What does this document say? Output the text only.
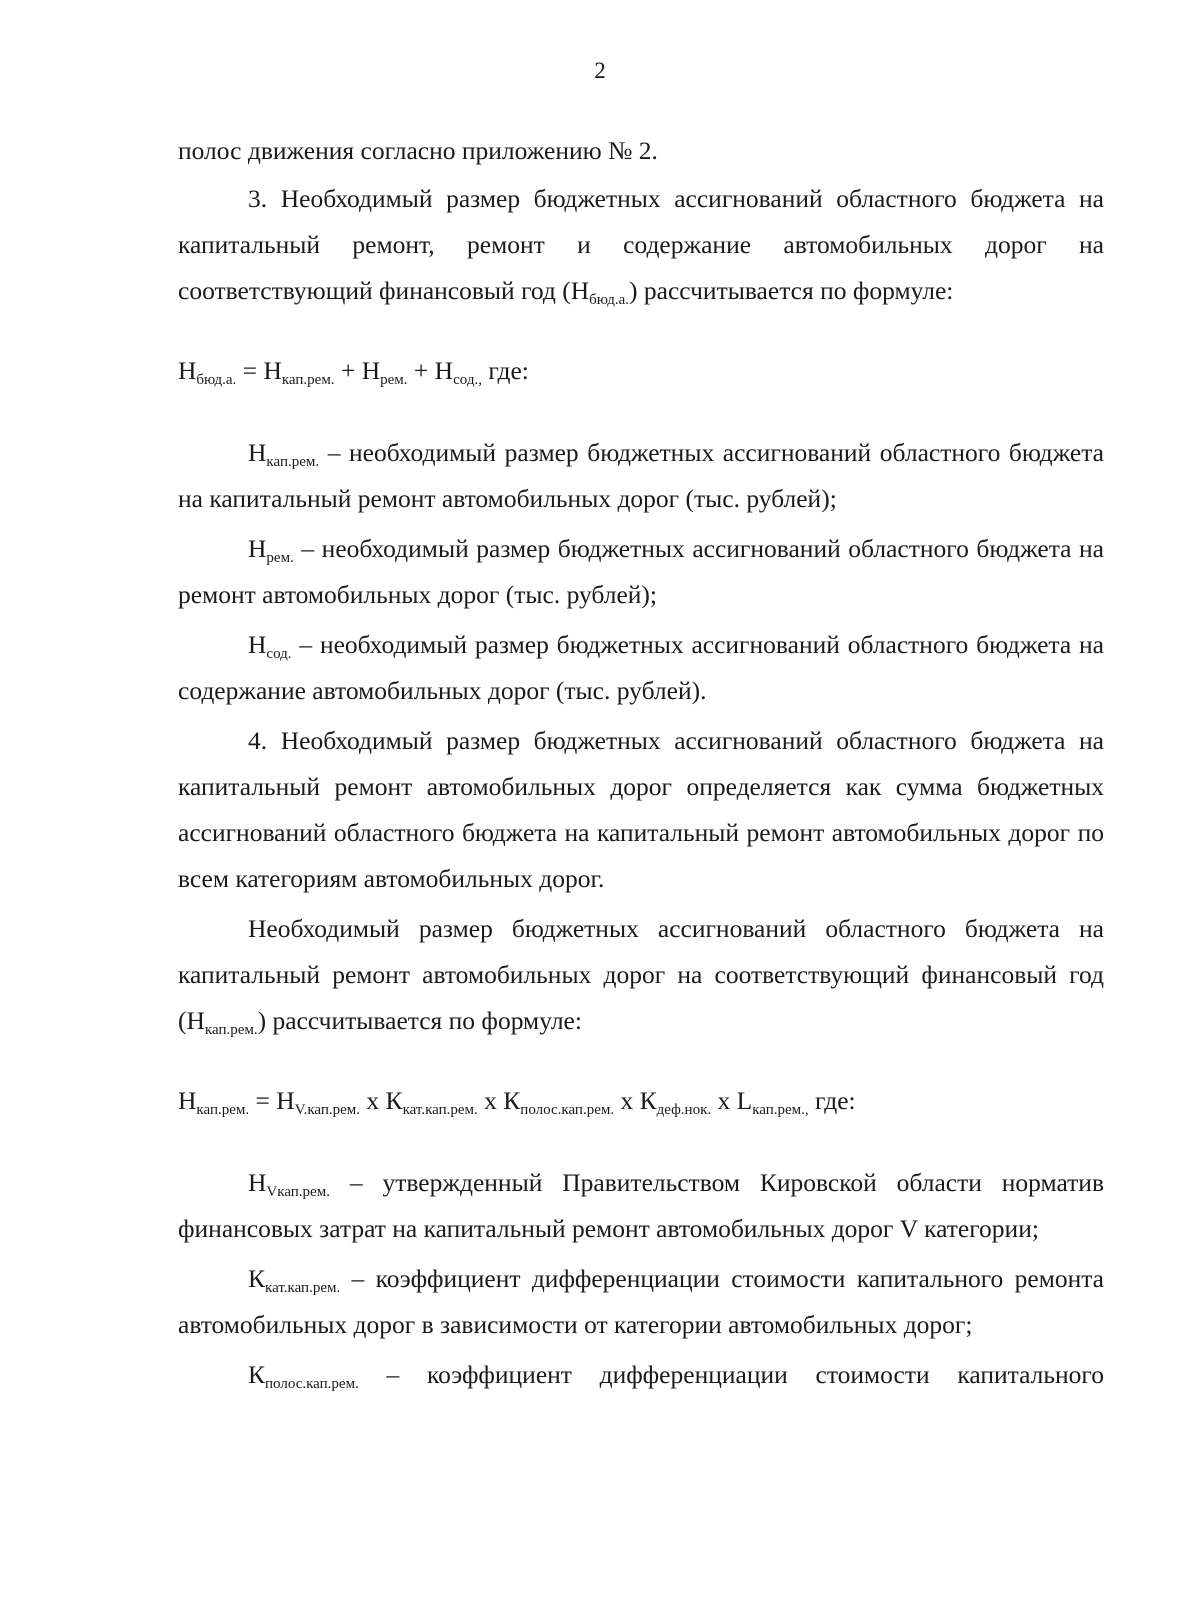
2

полос движения согласно приложению № 2.

3. Необходимый размер бюджетных ассигнований областного бюджета на капитальный ремонт, ремонт и содержание автомобильных дорог на соответствующий финансовый год $(Н_{бюд.а.})$ рассчитывается по формуле:

$Н_{бюд.а.} = Н_{кап.рем.} + Н_{рем.} + Н_{сод.,}$ где:

$Н_{кап.рем.}$ – необходимый размер бюджетных ассигнований областного бюджета на капитальный ремонт автомобильных дорог (тыс. рублей);

$Н_{рем.}$ – необходимый размер бюджетных ассигнований областного бюджета на ремонт автомобильных дорог (тыс. рублей);

$Н_{сод.}$ – необходимый размер бюджетных ассигнований областного бюджета на содержание автомобильных дорог (тыс. рублей).

4. Необходимый размер бюджетных ассигнований областного бюджета на капитальный ремонт автомобильных дорог определяется как сумма бюджетных ассигнований областного бюджета на капитальный ремонт автомобильных дорог по всем категориям автомобильных дорог.

Необходимый размер бюджетных ассигнований областного бюджета на капитальный ремонт автомобильных дорог на соответствующий финансовый год $(Н_{кап.рем.})$ рассчитывается по формуле:

$Н_{кап.рем.} = Н_{V.кап.рем.}$ x $К_{кат.кап.рем.}$ x $К_{полос.кап.рем.}$ x $К_{деф.нок.}$ x $L_{кап.рем.,}$ где:

$Н_{Vкап.рем.}$ – утвержденный Правительством Кировской области норматив финансовых затрат на капитальный ремонт автомобильных дорог V категории;

$К_{кат.кап.рем.}$ – коэффициент дифференциации стоимости капитального ремонта автомобильных дорог в зависимости от категории автомобильных дорог;

$К_{полос.кап.рем.}$ – коэффициент дифференциации стоимости капитального
